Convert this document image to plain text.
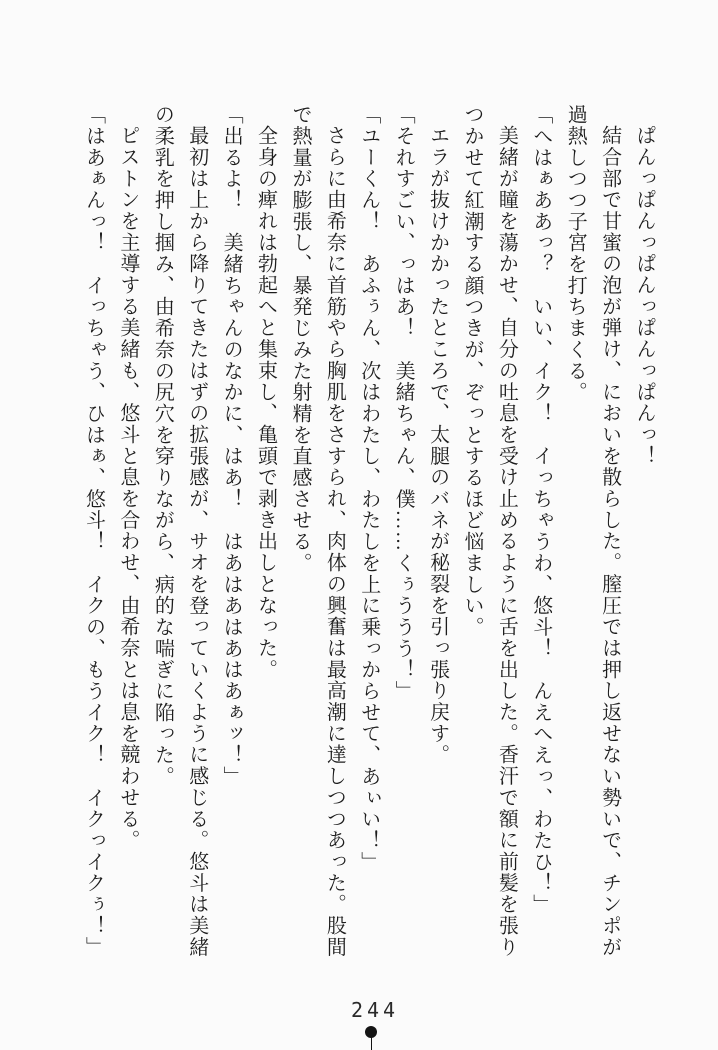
ぱんっぱんっぱんっぱんっぱんっ！

結合部で甘蜜の泡が弾け、においを散らした。膣圧では押し返せない勢いで、チンポが過熱しつつ子宮を打ちまくる。

「へはぁああっ？　いい、イク！　イっちゃうわ、悠斗！　んえへえっ、わたひ！」

美緒が瞳を蕩かせ、自分の吐息を受け止めるように舌を出した。香汗で額に前髪を張りつかせて紅潮する顔つきが、ぞっとするほど悩ましい。

エラが抜けかかったところで、太腿のバネが秘裂を引っ張り戻す。

「それすごい、っはあ！　美緒ちゃん、僕……くぅううう！」

「ユーくん！　あふぅん、次はわたし、わたしを上に乗っからせて、あぃい！」

さらに由希奈に首筋やら胸肌をさすられ、肉体の興奮は最高潮に達しつつあった。股間で熱量が膨張し、暴発じみた射精を直感させる。

全身の痺れは勃起へと集束し、亀頭で剥き出しとなった。

「出るよ！　美緒ちゃんのなかに、はあ！　はあはあはあはあぁッ！」

最初は上から降りてきたはずの拡張感が、サオを登っていくように感じる。悠斗は美緒の柔乳を押し掴み、由希奈の尻穴を穿りながら、病的な喘ぎに陥った。

ピストンを主導する美緒も、悠斗と息を合わせ、由希奈とは息を競わせる。

「はあぁんっ！　イっちゃう、ひはぁ、悠斗！　イクの、もうイク！　イクっイクぅ！」

244
